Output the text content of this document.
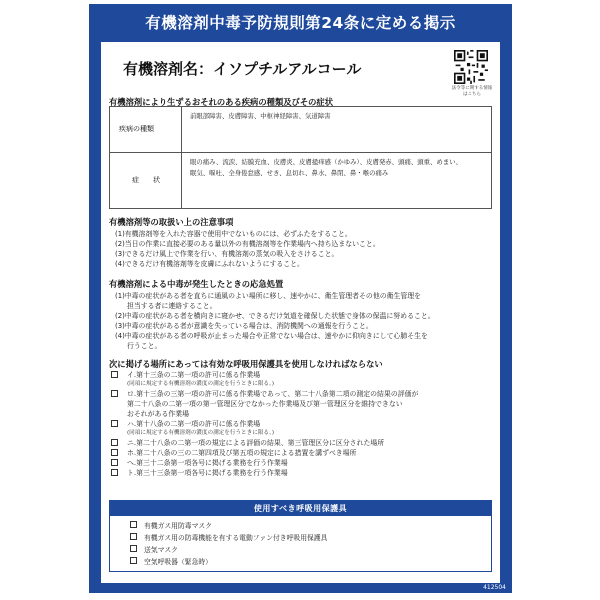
有機溶剤中毒予防規則第24条に定める掲示
有機溶剤名：イソプチルアルコール
法令等に関する情報はこちら
有機溶剤により生ずるおそれのある疾病の種類及びその症状
疾病の種類
前眼部障害、皮膚障害、中枢神経障害、気道障害
症　　状
眼の痛み、流涙、結膜充血、皮膚炎、皮膚掻痒感（かゆみ）、皮膚発赤、頭痛、頭重、めまい、
眠気、嘔吐、全身倦怠感、せき、息切れ、鼻水、鼻閉、鼻・喉の痛み
有機溶剤等の取扱い上の注意事項
(1)有機溶剤等を入れた容器で使用中でないものには、必ずふたをすること。
(2)当日の作業に直接必要のある量以外の有機溶剤等を作業場内へ持ち込まないこと。
(3)できるだけ風上で作業を行い、有機溶剤の蒸気の吸入をさけること。
(4)できるだけ有機溶剤等を皮膚にふれないようにすること。
有機溶剤による中毒が発生したときの応急処置
(1)中毒の症状がある者を直ちに通風のよい場所に移し、速やかに、衛生管理者その他の衛生管理を
担当する者に連絡すること。
(2)中毒の症状がある者を横向きに寝かせ、できるだけ気道を確保した状態で身体の保温に努めること。
(3)中毒の症状がある者が意識を失っている場合は、消防機関への通報を行うこと。
(4)中毒の症状がある者の呼吸が止まった場合や正常でない場合は、速やかに仰向きにして心肺そ生を
行うこと。
次に掲げる場所にあっては有効な呼吸用保護具を使用しなければならない
イ.第十三条の二第一項の許可に係る作業場
(同項に規定する有機溶剤の濃度の測定を行うときに限る。)
ロ.第十三条の三第一項の許可に係る作業場であって、第二十八条第二項の測定の結果の評価が
第二十八条の二第一項の第一管理区分でなかった作業場及び第一管理区分を維持できない
おそれがある作業場
ハ.第十八条の二第一項の許可に係る作業場
(同項に規定する有機溶剤の濃度の測定を行うときに限る。)
ニ.第二十八条の二第一項の規定による評価の結果、第三管理区分に区分された場所
ホ.第二十八条の三の二第四項及び第五項の規定による措置を講ずべき場所
へ.第三十二条第一項各号に掲げる業務を行う作業場
ト.第三十三条第一項各号に掲げる業務を行う作業場
使用すべき呼吸用保護具
有機ガス用防毒マスク
有機ガス用の防毒機能を有する電動ファン付き呼吸用保護具
送気マスク
空気呼吸器（緊急時）
412504
